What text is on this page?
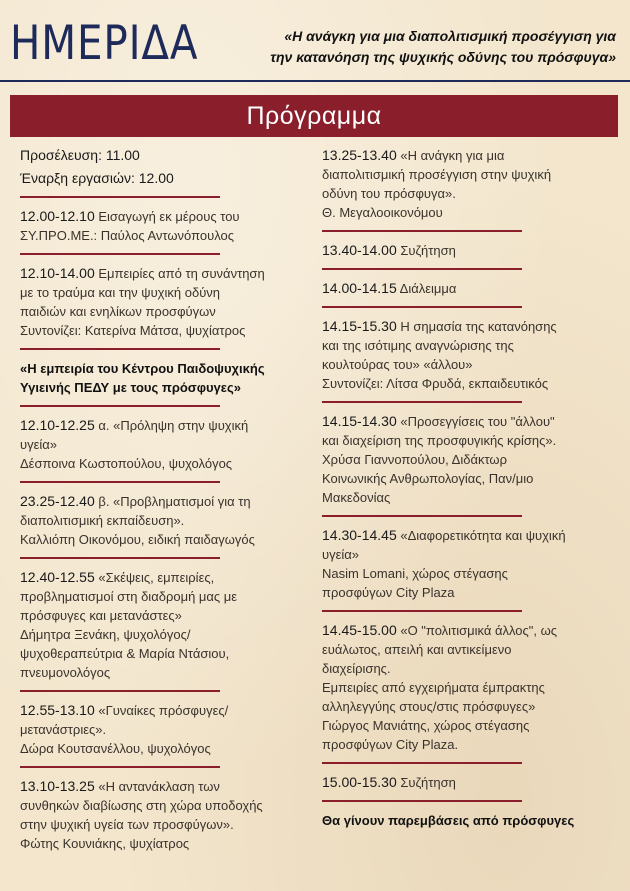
ΗΜΕΡΙΔΑ	«Η ανάγκη για μια διαπολιτισμική προσέγγιση για
την κατανόηση της ψυχικής οδύνης του πρόσφυγα»
Πρόγραμμα
Προσέλευση: 11.00
Έναρξη εργασιών: 12.00
12.00-12.10 Εισαγωγή εκ μέρους του
ΣΥ.ΠΡΟ.ΜΕ.: Παύλος Αντωνόπουλος
12.10-14.00 Εμπειρίες από τη συνάντηση
με το τραύμα και την ψυχική οδύνη
παιδιών και ενηλίκων προσφύγων
Συντονίζει: Κατερίνα Μάτσα, ψυχίατρος
«Η εμπειρία του Κέντρου Παιδοψυχικής
Υγιεινής ΠΕΔΥ με τους πρόσφυγες»
12.10-12.25 α. «Πρόληψη στην ψυχική
υγεία»
Δέσποινα Κωστοπούλου, ψυχολόγος
23.25-12.40 β. «Προβληματισμοί για τη
διαπολιτισμική εκπαίδευση».
Καλλιόπη Οικονόμου, ειδική παιδαγωγός
12.40-12.55 «Σκέψεις, εμπειρίες,
προβληματισμοί στη διαδρομή μας με
πρόσφυγες και μετανάστες»
Δήμητρα Ξενάκη, ψυχολόγος/
ψυχοθεραπεύτρια & Μαρία Ντάσιου,
πνευμονολόγος
12.55-13.10 «Γυναίκες πρόσφυγες/
μετανάστριες».
Δώρα Κουτσανέλλου, ψυχολόγος
13.10-13.25 «Η αντανάκλαση των
συνθηκών διαβίωσης στη χώρα υποδοχής
στην ψυχική υγεία των προσφύγων».
Φώτης Κουνιάκης, ψυχίατρος
13.25-13.40 «Η ανάγκη για μια
διαπολιτισμική προσέγγιση στην ψυχική
οδύνη του πρόσφυγα».
Θ. Μεγαλοοικονόμου
13.40-14.00 Συζήτηση
14.00-14.15 Διάλειμμα
14.15-15.30 Η σημασία της κατανόησης
και της ισότιμης αναγνώρισης της
κουλτούρας του» «άλλου»
Συντονίζει: Λίτσα Φρυδά, εκπαιδευτικός
14.15-14.30 «Προσεγγίσεις του "άλλου"
και διαχείριση της προσφυγικής κρίσης».
Χρύσα Γιαννοπούλου, Διδάκτωρ
Κοινωνικής Ανθρωπολογίας, Παν/μιο
Μακεδονίας
14.30-14.45 «Διαφορετικότητα και ψυχική
υγεία»
Nasim Lomani, χώρος στέγασης
προσφύγων City Plaza
14.45-15.00 «Ο "πολιτισμικά άλλος", ως
ευάλωτος, απειλή και αντικείμενο
διαχείρισης.
Εμπειρίες από εγχειρήματα έμπρακτης
αλληλεγγύης στους/στις πρόσφυγες»
Γιώργος Μανιάτης, χώρος στέγασης
προσφύγων City Plaza.
15.00-15.30 Συζήτηση
Θα γίνουν παρεμβάσεις από πρόσφυγες
